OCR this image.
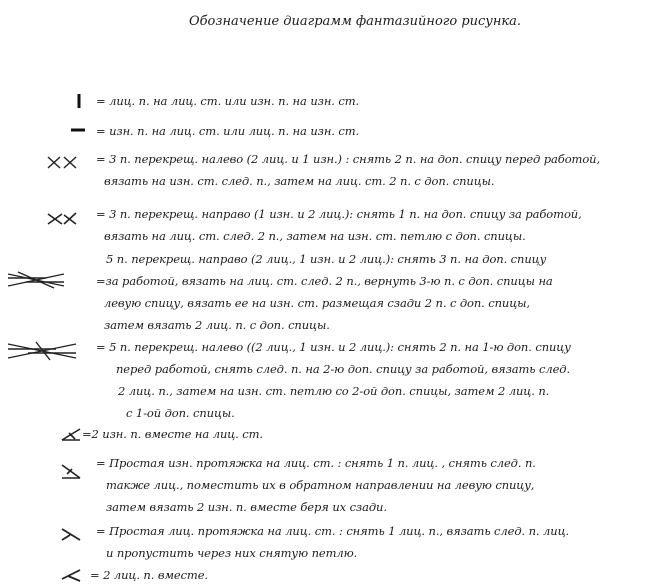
Обозначение диаграмм фантазийного рисунка.
= лиц. п. на лиц. ст. или изн. п. на изн. ст.
= изн. п. на лиц. ст. или лиц. п. на изн. ст.
= 3 п. перекрещ. налево (2 лиц. и 1 изн.) : снять 2 п. на доп. спицу перед работой,
вязать на изн. ст. след. п., затем на лиц. ст. 2 п. с доп. спицы.
= 3 п. перекрещ. направо (1 изн. и 2 лиц.): снять 1 п. на доп. спицу за работой,
вязать на лиц. ст. след. 2 п., затем на изн. ст. петлю с доп. спицы.
5 п. перекрещ. направо (2 лиц., 1 изн. и 2 лиц.): снять 3 п. на доп. спицу
=за работой, вязать на лиц. ст. след. 2 п., вернуть 3-ю п. с доп. спицы на
левую спицу, вязать ее на изн. ст. размещая сзади 2 п. с доп. спицы,
затем вязать 2 лиц. п. с доп. спицы.
= 5 п. перекрещ. налево ((2 лиц., 1 изн. и 2 лиц.): снять 2 п. на 1-ю доп. спицу
перед работой, снять след. п. на 2-ю доп. спицу за работой, вязать след.
2 лиц. п., затем на изн. ст. петлю со 2-ой доп. спицы, затем 2 лиц. п.
с 1-ой доп. спицы.
=2 изн. п. вместе на лиц. ст.
= Простая изн. протяжка на лиц. ст. : снять 1 п. лиц. , снять след. п.
также лиц., поместить их в обратном направлении на левую спицу,
затем вязать 2 изн. п. вместе беря их сзади.
= Простая лиц. протяжка на лиц. ст. : снять 1 лиц. п., вязать след. п. лиц.
и пропустить через них снятую петлю.
= 2 лиц. п. вместе.
